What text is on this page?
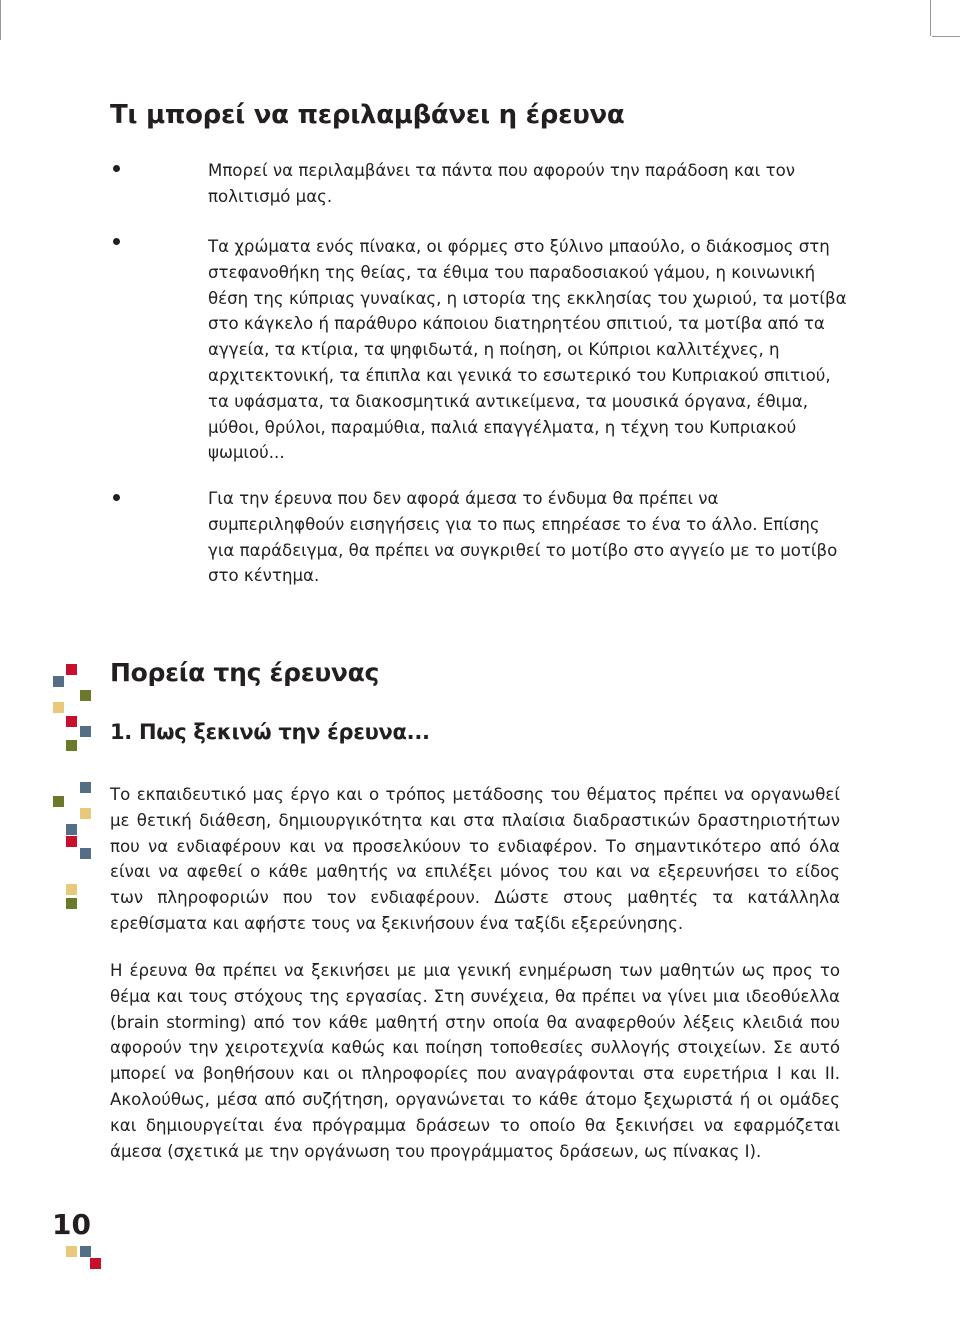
Τι μπορεί να περιλαμβάνει η έρευνα
Μπορεί να περιλαμβάνει τα πάντα που αφορούν την παράδοση και τον πολιτισμό μας.
Τα χρώματα ενός πίνακα, οι φόρμες στο ξύλινο μπαούλο, ο διάκοσμος στη στεφανοθήκη της θείας, τα έθιμα του παραδοσιακού γάμου, η κοινωνική θέση της κύπριας γυναίκας, η ιστορία της εκκλησίας του χωριού, τα μοτίβα στο κάγκελο ή παράθυρο κάποιου διατηρητέου σπιτιού, τα μοτίβα από τα αγγεία, τα κτίρια, τα ψηφιδωτά, η ποίηση, οι Κύπριοι καλλιτέχνες, η αρχιτεκτονική, τα έπιπλα και γενικά το εσωτερικό του Κυπριακού σπιτιού, τα υφάσματα, τα διακοσμητικά αντικείμενα, τα μουσικά όργανα, έθιμα, μύθοι, θρύλοι, παραμύθια, παλιά επαγγέλματα, η τέχνη του Κυπριακού ψωμιού...
Για την έρευνα που δεν αφορά άμεσα το ένδυμα θα πρέπει να συμπεριληφθούν εισηγήσεις για το πως επηρέασε το ένα το άλλο. Επίσης για παράδειγμα, θα πρέπει να συγκριθεί το μοτίβο στο αγγείο με το μοτίβο στο κέντημα.
Πορεία της έρευνας
1. Πως ξεκινώ την έρευνα...
Το εκπαιδευτικό μας έργο και ο τρόπος μετάδοσης του θέματος πρέπει να οργανωθεί με θετική διάθεση, δημιουργικότητα και στα πλαίσια διαδραστικών δραστηριοτήτων που να ενδιαφέρουν και να προσελκύουν το ενδιαφέρον. Το σημαντικότερο από όλα είναι να αφεθεί ο κάθε μαθητής να επιλέξει μόνος του και να εξερευνήσει το είδος των πληροφοριών που τον ενδιαφέρουν. Δώστε στους μαθητές τα κατάλληλα ερεθίσματα και αφήστε τους να ξεκινήσουν ένα ταξίδι εξερεύνησης.
Η έρευνα θα πρέπει να ξεκινήσει με μια γενική ενημέρωση των μαθητών ως προς το θέμα και τους στόχους της εργασίας. Στη συνέχεια, θα πρέπει να γίνει μια ιδεοθύελλα (brain storming) από τον κάθε μαθητή στην οποία θα αναφερθούν λέξεις κλειδιά που αφορούν την χειροτεχνία καθώς και ποίηση τοποθεσίες συλλογής στοιχείων. Σε αυτό μπορεί να βοηθήσουν και οι πληροφορίες που αναγράφονται στα ευρετήρια Ι και ΙΙ. Ακολούθως, μέσα από συζήτηση, οργανώνεται το κάθε άτομο ξεχωριστά ή οι ομάδες και δημιουργείται ένα πρόγραμμα δράσεων το οποίο θα ξεκινήσει να εφαρμόζεται άμεσα (σχετικά με την οργάνωση του προγράμματος δράσεων, ως πίνακας Ι).
10
